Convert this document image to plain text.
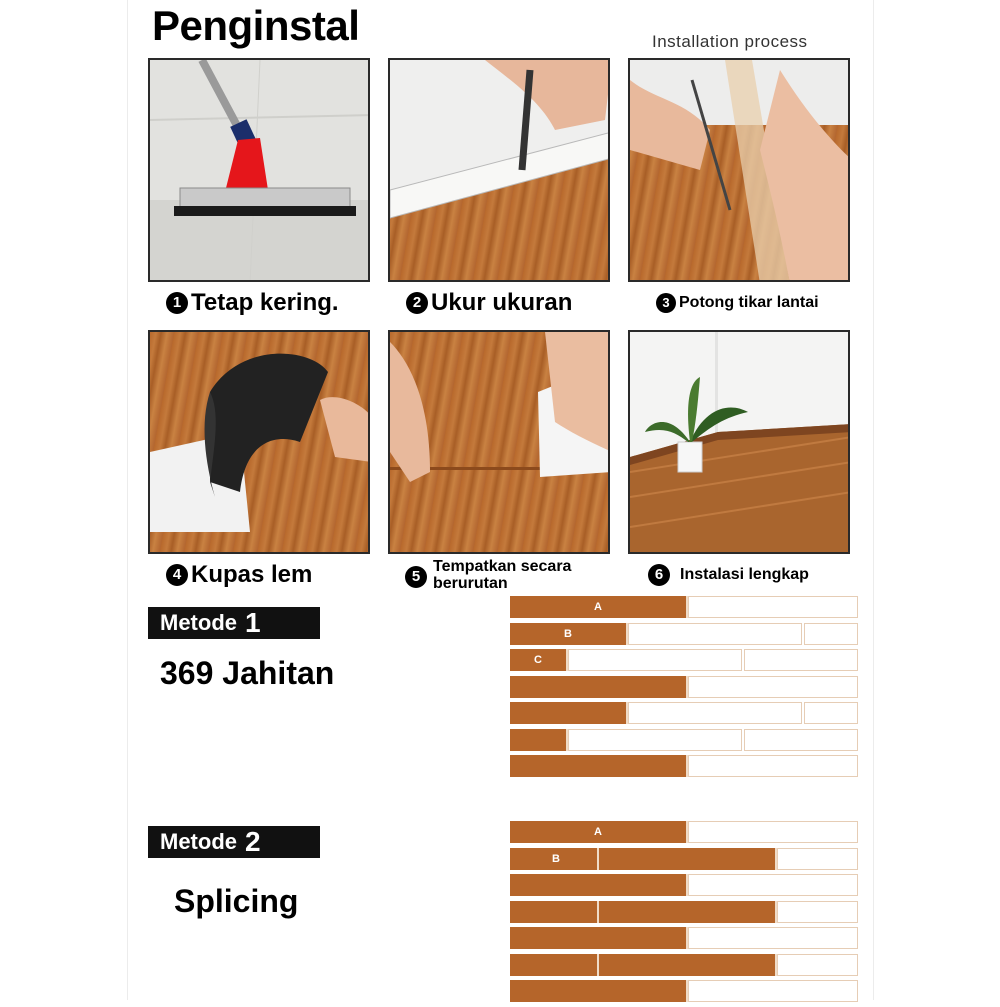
Penginstal	Installation process
1 Tetap kering.	2 Ukur ukuran	3 Potong tikar lantai
4 Kupas lem	5
Tempatkan secara
berurutan
6	Instalasi lengkap
Metode 1
369 Jahitan
A
B
C
Metode 2
Splicing
A
B
